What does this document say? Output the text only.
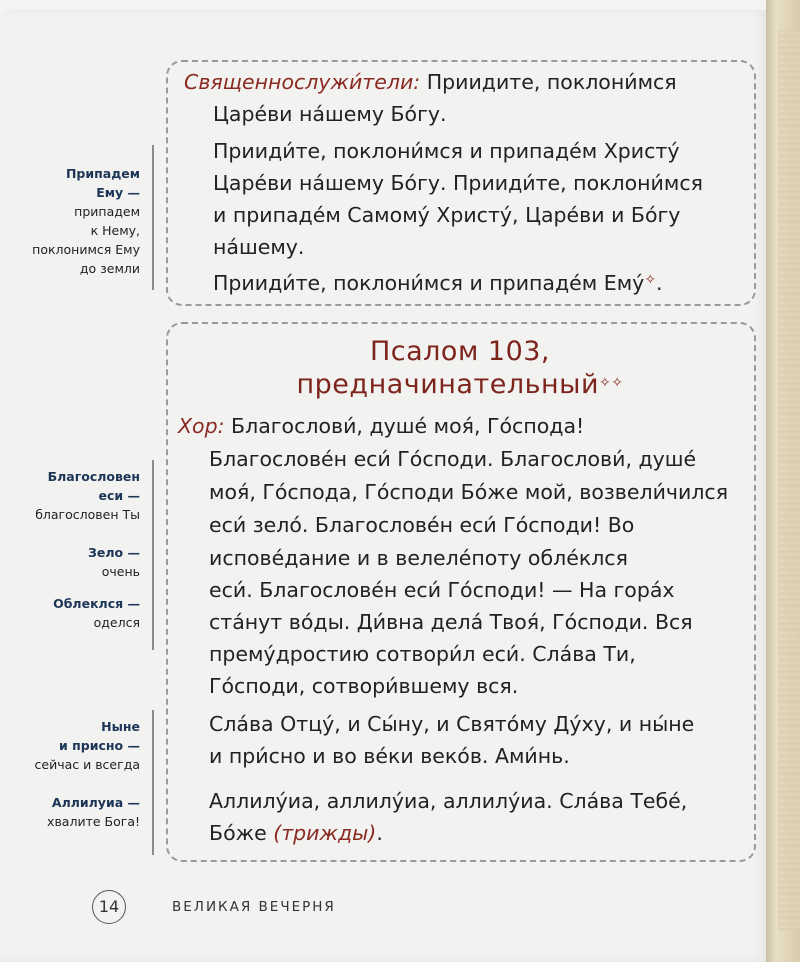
Священнослужи́тели: Приидите, поклони́мся
Царе́ви на́шему Бо́гу.
Прииди́те, поклони́мся и припаде́м Христу́
Царе́ви на́шему Бо́гу. Прииди́те, поклони́мся
и припаде́м Самому́ Христу́, Царе́ви и Бо́гу
на́шему.
Прииди́те, поклони́мся и припаде́м Ему́✧.
Псалом 103,
предначинательный✧✧
Хор: Благослови́, душе́ моя́, Го́спода!
Благослове́н еси́ Го́споди. Благослови́, душе́
моя́, Го́спода, Го́споди Бо́же мой, возвели́чился
еси́ зело́. Благослове́н еси́ Го́споди! Во
испове́дание и в велеле́поту обле́клся
еси́. Благослове́н еси́ Го́споди! — На гора́х
ста́нут во́ды. Ди́вна дела́ Твоя́, Го́споди. Вся
прему́дростию сотвори́л еси́. Сла́ва Ти,
Го́споди, сотвори́вшему вся.
Сла́ва Отцу́, и Сы́ну, и Свято́му Ду́ху, и ны́не
и при́сно и во ве́ки веко́в. Ами́нь.
Аллилу́иа, аллилу́иа, аллилу́иа. Сла́ва Тебе́,
Бо́же (трижды).
Припадем
Ему —
припадем
к Нему,
поклонимся Ему
до земли
Благословен
еси —
благословен Ты
Зело —
очень
Облеклся —
оделся
Ныне
и присно —
сейчас и всегда
Аллилуиа —
хвалите Бога!
14	ВЕЛИКАЯ ВЕЧЕРНЯ
